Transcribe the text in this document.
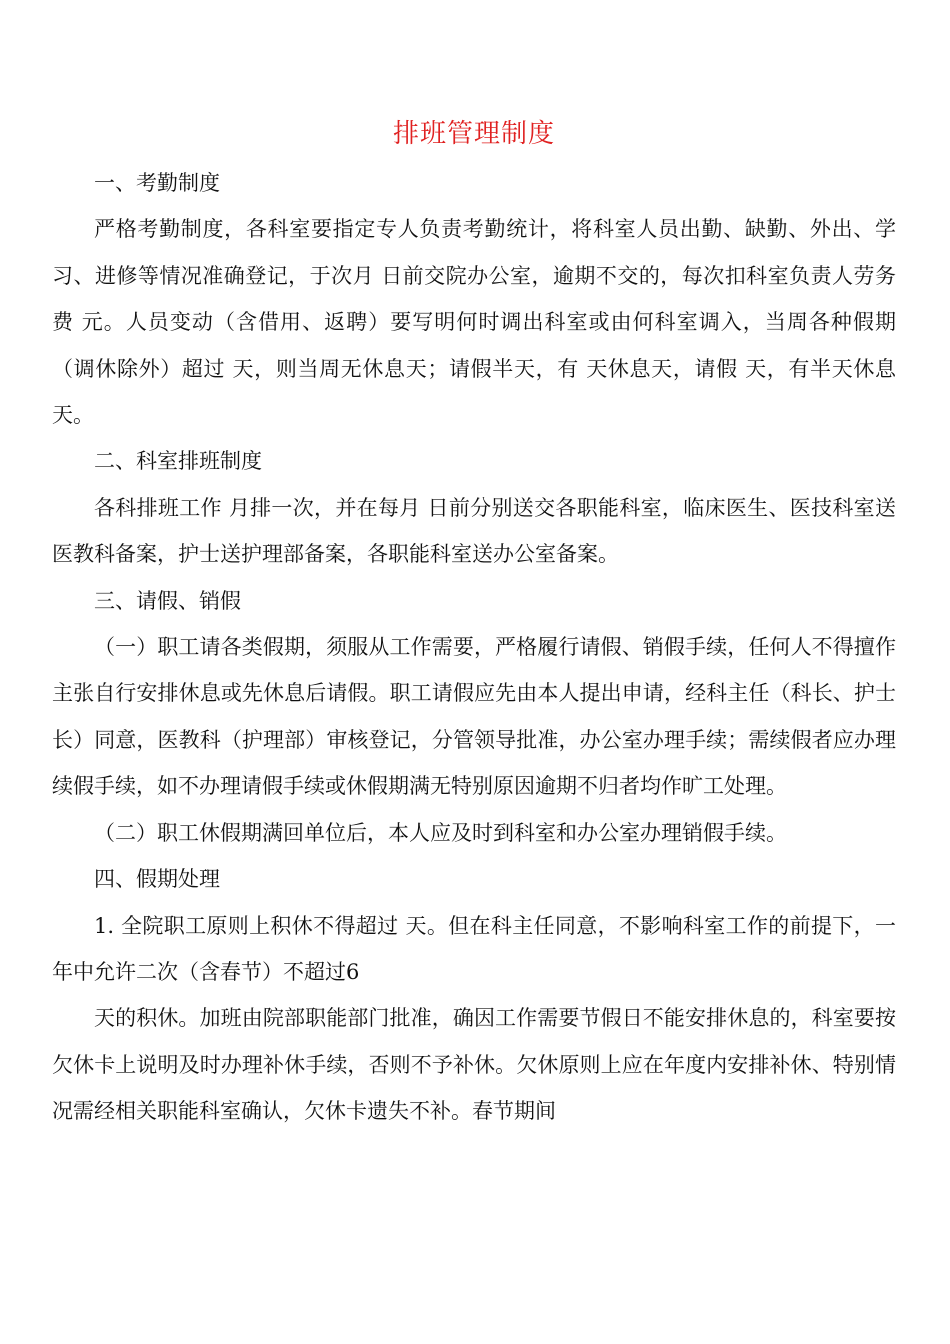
排班管理制度

一、考勤制度

严格考勤制度，各科室要指定专人负责考勤统计，将科室人员出勤、缺勤、外出、学习、进修等情况准确登记，于次月 日前交院办公室，逾期不交的，每次扣科室负责人劳务费 元。人员变动（含借用、返聘）要写明何时调出科室或由何科室调入，当周各种假期（调休除外）超过 天，则当周无休息天；请假半天，有 天休息天，请假 天，有半天休息天。

二、科室排班制度

各科排班工作 月排一次，并在每月 日前分别送交各职能科室，临床医生、医技科室送医教科备案，护士送护理部备案，各职能科室送办公室备案。

三、请假、销假

（一）职工请各类假期，须服从工作需要，严格履行请假、销假手续，任何人不得擅作主张自行安排休息或先休息后请假。职工请假应先由本人提出申请，经科主任（科长、护士长）同意，医教科（护理部）审核登记，分管领导批准，办公室办理手续；需续假者应办理续假手续，如不办理请假手续或休假期满无特别原因逾期不归者均作旷工处理。

（二）职工休假期满回单位后，本人应及时到科室和办公室办理销假手续。

四、假期处理

1. 全院职工原则上积休不得超过 天。但在科主任同意，不影响科室工作的前提下，一年中允许二次（含春节）不超过6

天的积休。加班由院部职能部门批准，确因工作需要节假日不能安排休息的，科室要按欠休卡上说明及时办理补休手续，否则不予补休。欠休原则上应在年度内安排补休、特别情况需经相关职能科室确认，欠休卡遗失不补。春节期间
